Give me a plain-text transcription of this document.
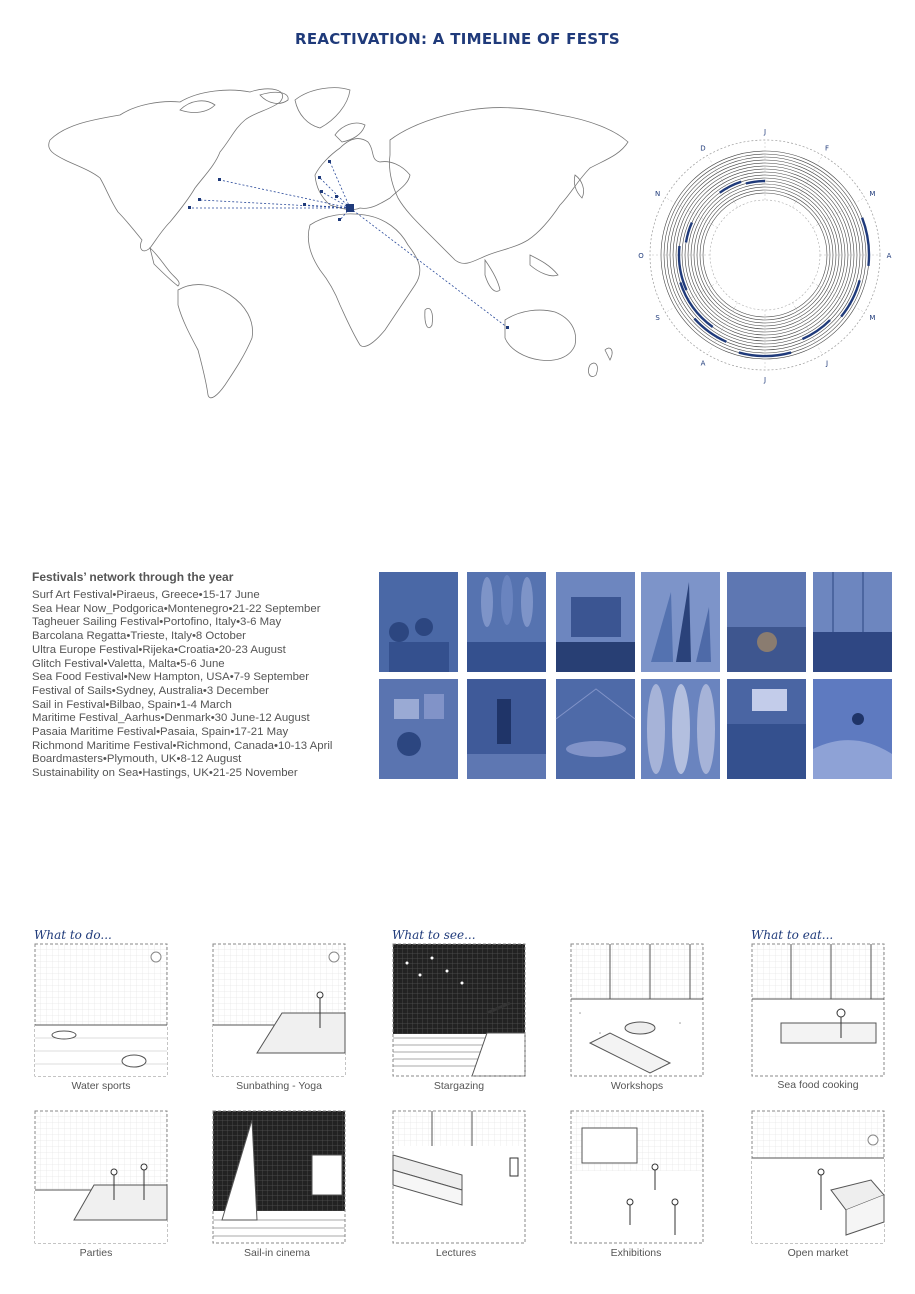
REACTIVATION: A TIMELINE OF FESTS
J
F
M
A
M
J
J
A
S
O
N
D
Festivals’ network through the year
Surf Art Festival•Piraeus, Greece•15-17 June
Sea Hear Now_Podgorica•Montenegro•21-22 September
Tagheuer Sailing Festival•Portofino, Italy•3-6 May
Barcolana Regatta•Trieste, Italy•8 October
Ultra Europe Festival•Rijeka•Croatia•20-23 August
Glitch Festival•Valetta, Malta•5-6 June
Sea Food Festival•New Hampton, USA•7-9 September
Festival of Sails•Sydney, Australia•3 December
Sail in Festival•Bilbao, Spain•1-4 March
Maritime Festival_Aarhus•Denmark•30 June-12 August
Pasaia Maritime Festival•Pasaia, Spain•17-21 May
Richmond Maritime Festival•Richmond, Canada•10-13 April
Boardmasters•Plymouth, UK•8-12 August
Sustainability on Sea•Hastings, UK•21-25 November
What to do...	What to see...	What to eat...
Water sports	Sunbathing - Yoga	Stargazing	Workshops	Sea food cooking
Parties	Sail-in cinema	Lectures	Exhibitions	Open market
